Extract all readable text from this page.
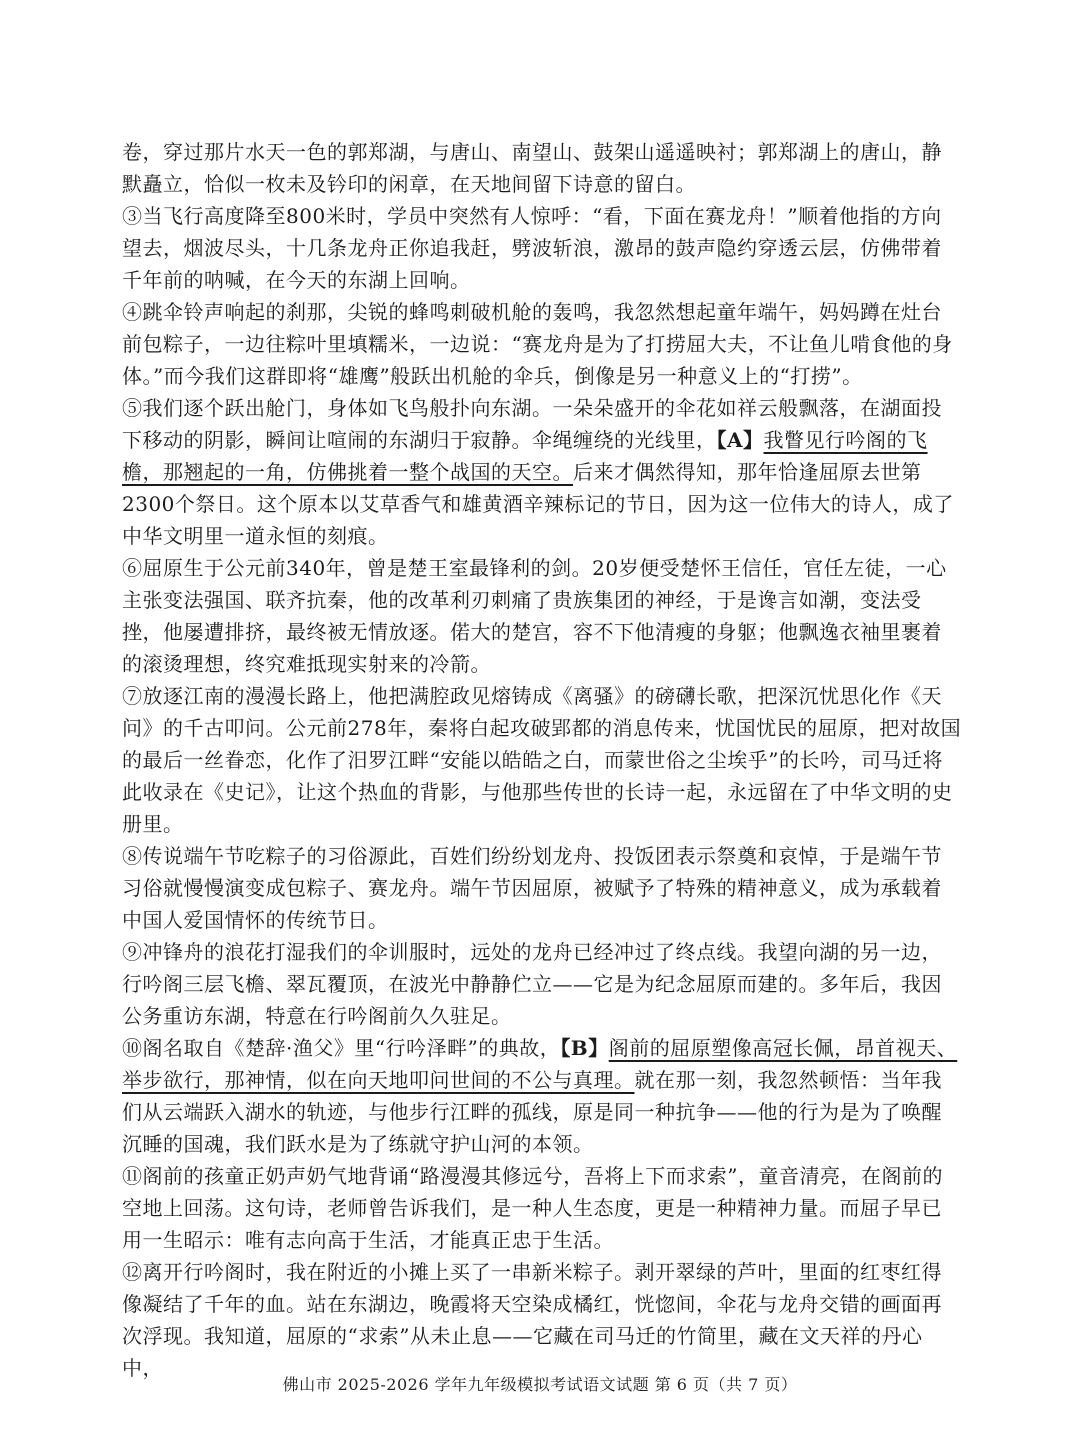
卷，穿过那片水天一色的郭郑湖，与唐山、南望山、鼓架山遥遥映衬；郭郑湖上的唐山，静默矗立，恰似一枚未及钤印的闲章，在天地间留下诗意的留白。

③当飞行高度降至800米时，学员中突然有人惊呼：“看，下面在赛龙舟！”顺着他指的方向望去，烟波尽头，十几条龙舟正你追我赶，劈波斩浪，激昂的鼓声隐约穿透云层，仿佛带着千年前的呐喊，在今天的东湖上回响。

④跳伞铃声响起的刹那，尖锐的蜂鸣刺破机舱的轰鸣，我忽然想起童年端午，妈妈蹲在灶台前包粽子，一边往粽叶里填糯米，一边说：“赛龙舟是为了打捞屈大夫，不让鱼儿啃食他的身体。”而今我们这群即将“雄鹰”般跃出机舱的伞兵，倒像是另一种意义上的“打捞”。

⑤我们逐个跃出舱门，身体如飞鸟般扑向东湖。一朵朵盛开的伞花如祥云般飘落，在湖面投下移动的阴影，瞬间让喧闹的东湖归于寂静。伞绳缠绕的光线里，【A】我瞥见行吟阁的飞檐，那翘起的一角，仿佛挑着一整个战国的天空。后来才偶然得知，那年恰逢屈原去世第2300个祭日。这个原本以艾草香气和雄黄酒辛辣标记的节日，因为这一位伟大的诗人，成了中华文明里一道永恒的刻痕。

⑥屈原生于公元前340年，曾是楚王室最锋利的剑。20岁便受楚怀王信任，官任左徒，一心主张变法强国、联齐抗秦，他的改革利刃刺痛了贵族集团的神经，于是谗言如潮，变法受挫，他屡遭排挤，最终被无情放逐。偌大的楚宫，容不下他清瘦的身躯；他飘逸衣袖里裹着的滚烫理想，终究难抵现实射来的冷箭。

⑦放逐江南的漫漫长路上，他把满腔政见熔铸成《离骚》的磅礴长歌，把深沉忧思化作《天问》的千古叩问。公元前278年，秦将白起攻破郢都的消息传来，忧国忧民的屈原，把对故国的最后一丝眷恋，化作了汨罗江畔“安能以皓皓之白，而蒙世俗之尘埃乎”的长吟，司马迁将此收录在《史记》，让这个热血的背影，与他那些传世的长诗一起，永远留在了中华文明的史册里。

⑧传说端午节吃粽子的习俗源此，百姓们纷纷划龙舟、投饭团表示祭奠和哀悼，于是端午节习俗就慢慢演变成包粽子、赛龙舟。端午节因屈原，被赋予了特殊的精神意义，成为承载着中国人爱国情怀的传统节日。

⑨冲锋舟的浪花打湿我们的伞训服时，远处的龙舟已经冲过了终点线。我望向湖的另一边，行吟阁三层飞檐、翠瓦覆顶，在波光中静静伫立——它是为纪念屈原而建的。多年后，我因公务重访东湖，特意在行吟阁前久久驻足。

⑩阁名取自《楚辞·渔父》里“行吟泽畔”的典故，【B】阁前的屈原塑像高冠长佩，昂首视天、举步欲行，那神情，似在向天地叩问世间的不公与真理。就在那一刻，我忽然顿悟：当年我们从云端跃入湖水的轨迹，与他步行江畔的孤线，原是同一种抗争——他的行为是为了唤醒沉睡的国魂，我们跃水是为了练就守护山河的本领。

⑪阁前的孩童正奶声奶气地背诵“路漫漫其修远兮，吾将上下而求索”，童音清亮，在阁前的空地上回荡。这句诗，老师曾告诉我们，是一种人生态度，更是一种精神力量。而屈子早已用一生昭示：唯有志向高于生活，才能真正忠于生活。

⑫离开行吟阁时，我在附近的小摊上买了一串新米粽子。剥开翠绿的芦叶，里面的红枣红得像凝结了千年的血。站在东湖边，晚霞将天空染成橘红，恍惚间，伞花与龙舟交错的画面再次浮现。我知道，屈原的“求索”从未止息——它藏在司马迁的竹简里，藏在文天祥的丹心中，

佛山市 2025-2026 学年九年级模拟考试语文试题 第 6 页（共 7 页）
